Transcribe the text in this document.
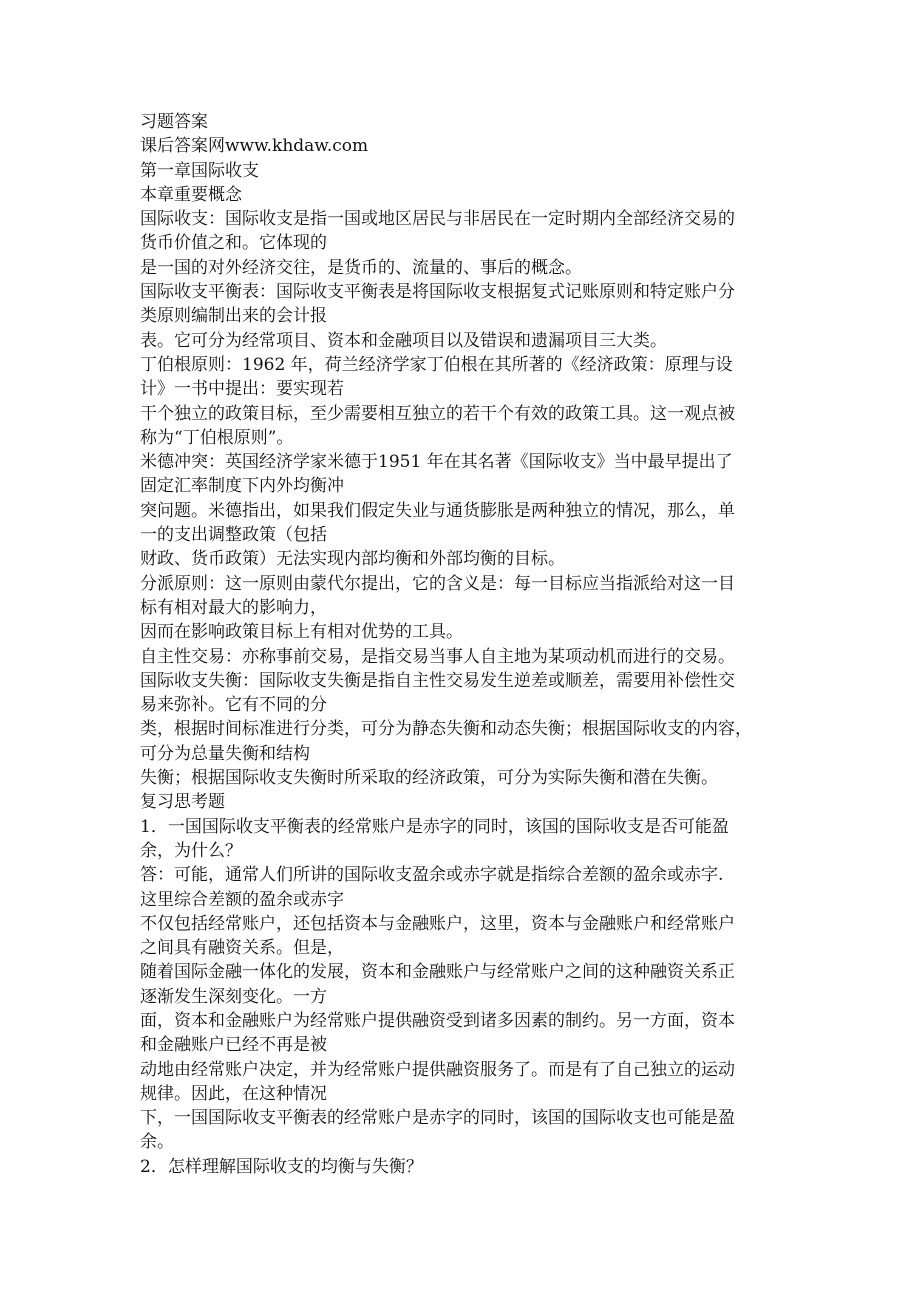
习题答案

课后答案网www.khdaw.com

第一章国际收支

本章重要概念

国际收支：国际收支是指一国或地区居民与非居民在一定时期内全部经济交易的

货币价值之和。它体现的

是一国的对外经济交往，是货币的、流量的、事后的概念。

国际收支平衡表：国际收支平衡表是将国际收支根据复式记账原则和特定账户分

类原则编制出来的会计报

表。它可分为经常项目、资本和金融项目以及错误和遗漏项目三大类。

丁伯根原则：1962 年，荷兰经济学家丁伯根在其所著的《经济政策：原理与设

计》一书中提出：要实现若

干个独立的政策目标，至少需要相互独立的若干个有效的政策工具。这一观点被

称为“丁伯根原则”。

米德冲突：英国经济学家米德于1951 年在其名著《国际收支》当中最早提出了

固定汇率制度下内外均衡冲

突问题。米德指出，如果我们假定失业与通货膨胀是两种独立的情况，那么，单

一的支出调整政策（包括

财政、货币政策）无法实现内部均衡和外部均衡的目标。

分派原则：这一原则由蒙代尔提出，它的含义是：每一目标应当指派给对这一目

标有相对最大的影响力，

因而在影响政策目标上有相对优势的工具。

自主性交易：亦称事前交易，是指交易当事人自主地为某项动机而进行的交易。

国际收支失衡：国际收支失衡是指自主性交易发生逆差或顺差，需要用补偿性交

易来弥补。它有不同的分

类，根据时间标准进行分类，可分为静态失衡和动态失衡；根据国际收支的内容，

可分为总量失衡和结构

失衡；根据国际收支失衡时所采取的经济政策，可分为实际失衡和潜在失衡。

复习思考题

1．一国国际收支平衡表的经常账户是赤字的同时，该国的国际收支是否可能盈

余，为什么？

答：可能，通常人们所讲的国际收支盈余或赤字就是指综合差额的盈余或赤字.

这里综合差额的盈余或赤字

不仅包括经常账户，还包括资本与金融账户，这里，资本与金融账户和经常账户

之间具有融资关系。但是，

随着国际金融一体化的发展，资本和金融账户与经常账户之间的这种融资关系正

逐渐发生深刻变化。一方

面，资本和金融账户为经常账户提供融资受到诸多因素的制约。另一方面，资本

和金融账户已经不再是被

动地由经常账户决定，并为经常账户提供融资服务了。而是有了自己独立的运动

规律。因此，在这种情况

下，一国国际收支平衡表的经常账户是赤字的同时，该国的国际收支也可能是盈

余。

2．怎样理解国际收支的均衡与失衡？
